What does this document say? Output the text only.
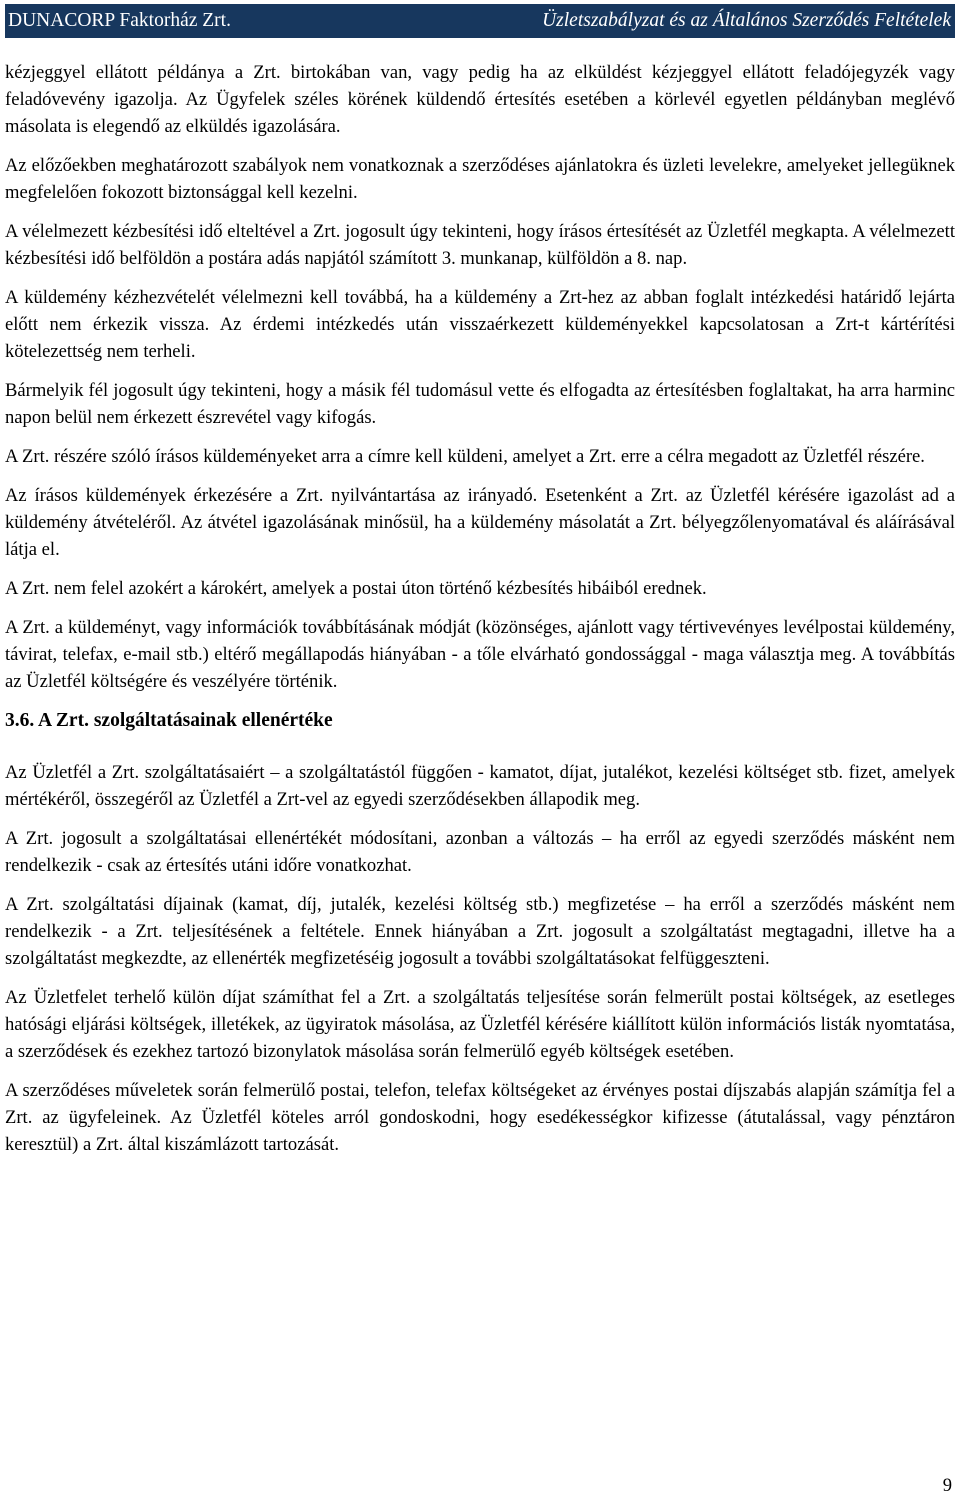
DUNACORP Faktorház Zrt.	Üzletszabályzat és az Általános Szerződés Feltételek

kézjeggyel ellátott példánya a Zrt. birtokában van, vagy pedig ha az elküldést kézjeggyel ellátott feladójegyzék vagy feladóvevény igazolja. Az Ügyfelek széles körének küldendő értesítés esetében a körlevél egyetlen példányban meglévő másolata is elegendő az elküldés igazolására.

Az előzőekben meghatározott szabályok nem vonatkoznak a szerződéses ajánlatokra és üzleti levelekre, amelyeket jellegüknek megfelelően fokozott biztonsággal kell kezelni.

A vélelmezett kézbesítési idő elteltével a Zrt. jogosult úgy tekinteni, hogy írásos értesítését az Üzletfél megkapta. A vélelmezett kézbesítési idő belföldön a postára adás napjától számított 3. munkanap, külföldön a 8. nap.

A küldemény kézhezvételét vélelmezni kell továbbá, ha a küldemény a Zrt-hez az abban foglalt intézkedési határidő lejárta előtt nem érkezik vissza. Az érdemi intézkedés után visszaérkezett küldeményekkel kapcsolatosan a Zrt-t kártérítési kötelezettség nem terheli.

Bármelyik fél jogosult úgy tekinteni, hogy a másik fél tudomásul vette és elfogadta az értesítésben foglaltakat, ha arra harminc napon belül nem érkezett észrevétel vagy kifogás.

A Zrt. részére szóló írásos küldeményeket arra a címre kell küldeni, amelyet a Zrt. erre a célra megadott az Üzletfél részére.

Az írásos küldemények érkezésére a Zrt. nyilvántartása az irányadó. Esetenként a Zrt. az Üzletfél kérésére igazolást ad a küldemény átvételéről. Az átvétel igazolásának minősül, ha a küldemény másolatát a Zrt. bélyegzőlenyomatával és aláírásával látja el.

A Zrt. nem felel azokért a károkért, amelyek a postai úton történő kézbesítés hibáiból erednek.

A Zrt. a küldeményt, vagy információk továbbításának módját (közönséges, ajánlott vagy tértivevényes levélpostai küldemény, távirat, telefax, e-mail stb.) eltérő megállapodás hiányában - a tőle elvárható gondossággal - maga választja meg. A továbbítás az Üzletfél költségére és veszélyére történik.

3.6. A Zrt. szolgáltatásainak ellenértéke

Az Üzletfél a Zrt. szolgáltatásaiért – a szolgáltatástól függően - kamatot, díjat, jutalékot, kezelési költséget stb. fizet, amelyek mértékéről, összegéről az Üzletfél a Zrt-vel az egyedi szerződésekben állapodik meg.

A Zrt. jogosult a szolgáltatásai ellenértékét módosítani, azonban a változás – ha erről az egyedi szerződés másként nem rendelkezik - csak az értesítés utáni időre vonatkozhat.

A Zrt. szolgáltatási díjainak (kamat, díj, jutalék, kezelési költség stb.) megfizetése – ha erről a szerződés másként nem rendelkezik - a Zrt. teljesítésének a feltétele. Ennek hiányában a Zrt. jogosult a szolgáltatást megtagadni, illetve ha a szolgáltatást megkezdte, az ellenérték megfizetéséig jogosult a további szolgáltatásokat felfüggeszteni.

Az Üzletfelet terhelő külön díjat számíthat fel a Zrt. a szolgáltatás teljesítése során felmerült postai költségek, az esetleges hatósági eljárási költségek, illetékek, az ügyiratok másolása, az Üzletfél kérésére kiállított külön információs listák nyomtatása, a szerződések és ezekhez tartozó bizonylatok másolása során felmerülő egyéb költségek esetében.

A szerződéses műveletek során felmerülő postai, telefon, telefax költségeket az érvényes postai díjszabás alapján számítja fel a Zrt. az ügyfeleinek. Az Üzletfél köteles arról gondoskodni, hogy esedékességkor kifizesse (átutalással, vagy pénztáron keresztül) a Zrt. által kiszámlázott tartozását.

9
